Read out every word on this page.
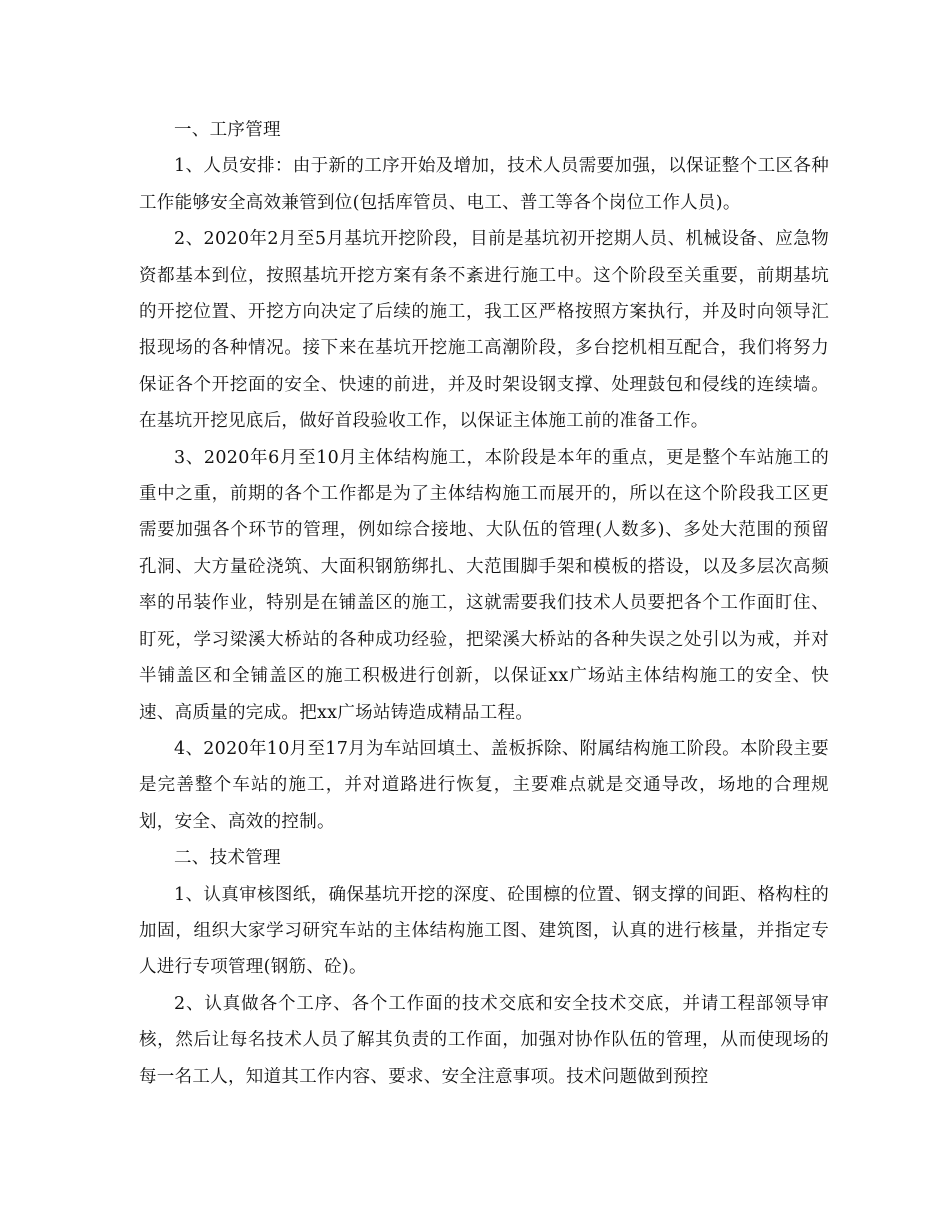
一、工序管理

1、人员安排：由于新的工序开始及增加，技术人员需要加强，以保证整个工区各种工作能够安全高效兼管到位(包括库管员、电工、普工等各个岗位工作人员)。

2、2020年2月至5月基坑开挖阶段，目前是基坑初开挖期人员、机械设备、应急物资都基本到位，按照基坑开挖方案有条不紊进行施工中。这个阶段至关重要，前期基坑的开挖位置、开挖方向决定了后续的施工，我工区严格按照方案执行，并及时向领导汇报现场的各种情况。接下来在基坑开挖施工高潮阶段，多台挖机相互配合，我们将努力保证各个开挖面的安全、快速的前进，并及时架设钢支撑、处理鼓包和侵线的连续墙。在基坑开挖见底后，做好首段验收工作，以保证主体施工前的准备工作。

3、2020年6月至10月主体结构施工，本阶段是本年的重点，更是整个车站施工的重中之重，前期的各个工作都是为了主体结构施工而展开的，所以在这个阶段我工区更需要加强各个环节的管理，例如综合接地、大队伍的管理(人数多)、多处大范围的预留孔洞、大方量砼浇筑、大面积钢筋绑扎、大范围脚手架和模板的搭设，以及多层次高频率的吊装作业，特别是在铺盖区的施工，这就需要我们技术人员要把各个工作面盯住、盯死，学习梁溪大桥站的各种成功经验，把梁溪大桥站的各种失误之处引以为戒，并对半铺盖区和全铺盖区的施工积极进行创新，以保证xx广场站主体结构施工的安全、快速、高质量的完成。把xx广场站铸造成精品工程。

4、2020年10月至17月为车站回填土、盖板拆除、附属结构施工阶段。本阶段主要是完善整个车站的施工，并对道路进行恢复，主要难点就是交通导改，场地的合理规划，安全、高效的控制。

二、技术管理

1、认真审核图纸，确保基坑开挖的深度、砼围檩的位置、钢支撑的间距、格构柱的加固，组织大家学习研究车站的主体结构施工图、建筑图，认真的进行核量，并指定专人进行专项管理(钢筋、砼)。

2、认真做各个工序、各个工作面的技术交底和安全技术交底，并请工程部领导审核，然后让每名技术人员了解其负责的工作面，加强对协作队伍的管理，从而使现场的每一名工人，知道其工作内容、要求、安全注意事项。技术问题做到预控
